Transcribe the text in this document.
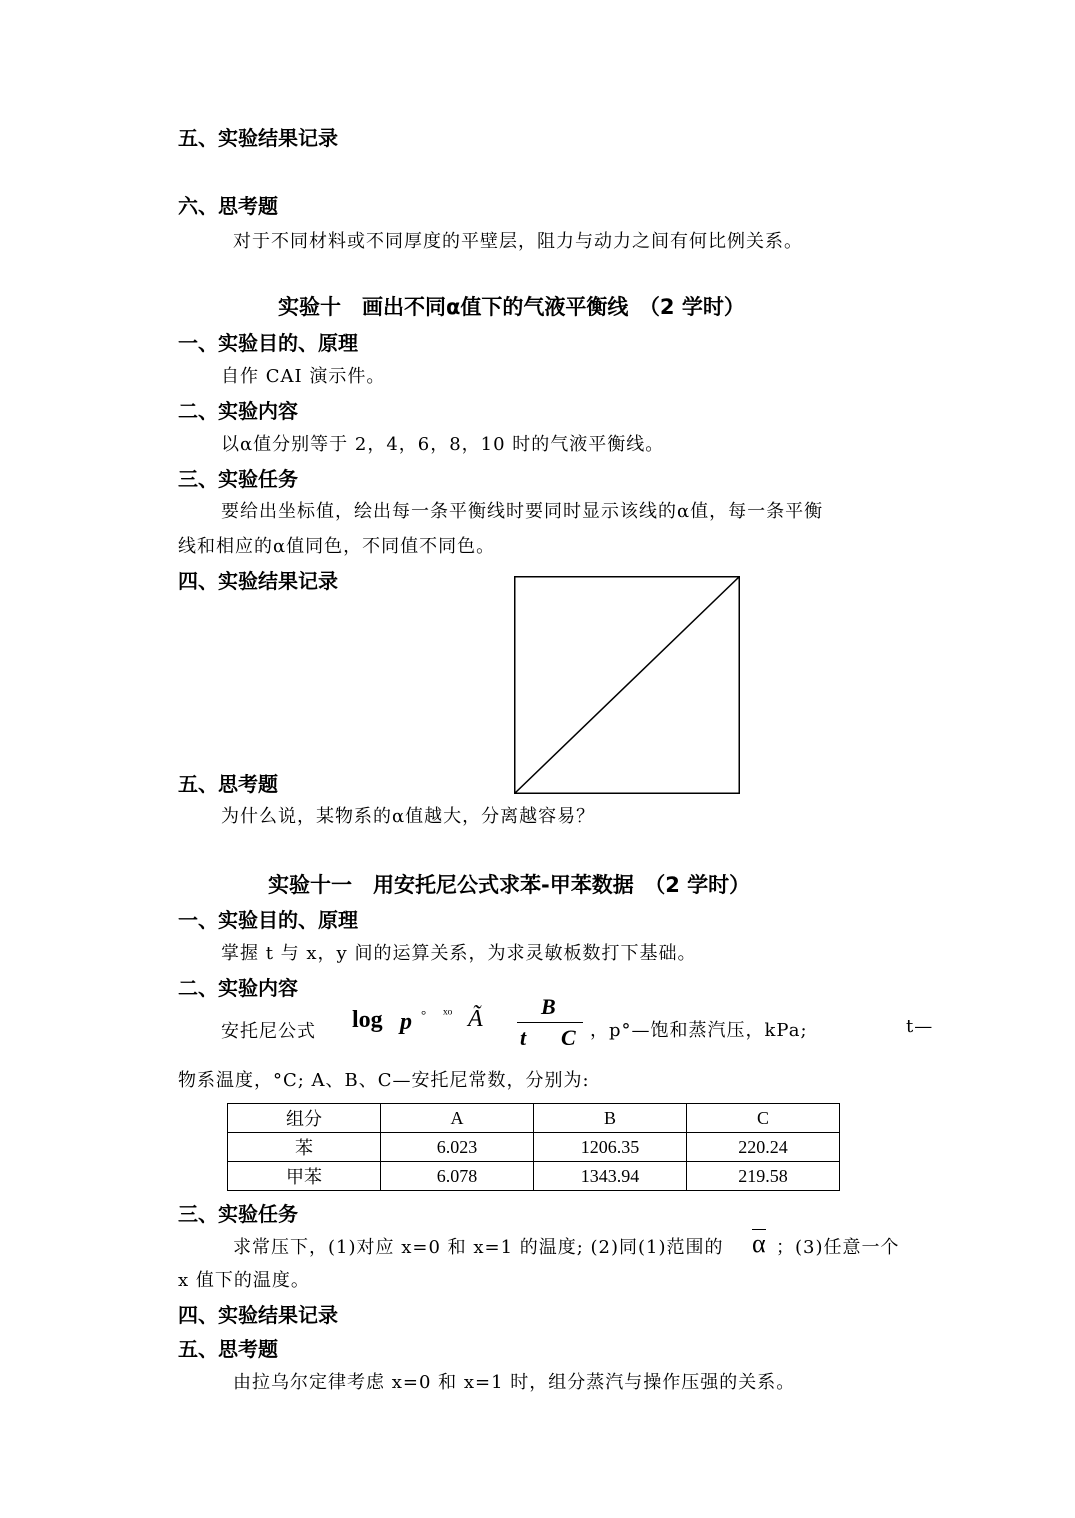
五、实验结果记录
六、思考题
对于不同材料或不同厚度的平壁层，阻力与动力之间有何比例关系。
实验十　画出不同α值下的气液平衡线　（2 学时）
一、实验目的、原理
自作 CAI 演示件。
二、实验内容
以α值分别等于 2，4，6，8，10 时的气液平衡线。
三、实验任务
要给出坐标值，绘出每一条平衡线时要同时显示该线的α值，每一条平衡
线和相应的α值同色，不同值不同色。
四、实验结果记录
五、思考题
为什么说，某物系的α值越大，分离越容易？
实验十一　用安托尼公式求苯-甲苯数据　（2 学时）
一、实验目的、原理
掌握 t 与 x，y 间的运算关系，为求灵敏板数打下基础。
二、实验内容
安托尼公式 log p ° ˣᵒ Ã	B
t C ，p°—饱和蒸汽压，kPa;	t—
物系温度，°C; A、B、C—安托尼常数，分别为:
组分	A	B	C
苯	6.023	1206.35	220.24
甲苯	6.078	1343.94	219.58
三、实验任务
求常压下，(1)对应 x=0 和 x=1 的温度; (2)同(1)范围的 α ；(3)任意一个
x 值下的温度。
四、实验结果记录
五、思考题
由拉乌尔定律考虑 x=0 和 x=1 时，组分蒸汽与操作压强的关系。
